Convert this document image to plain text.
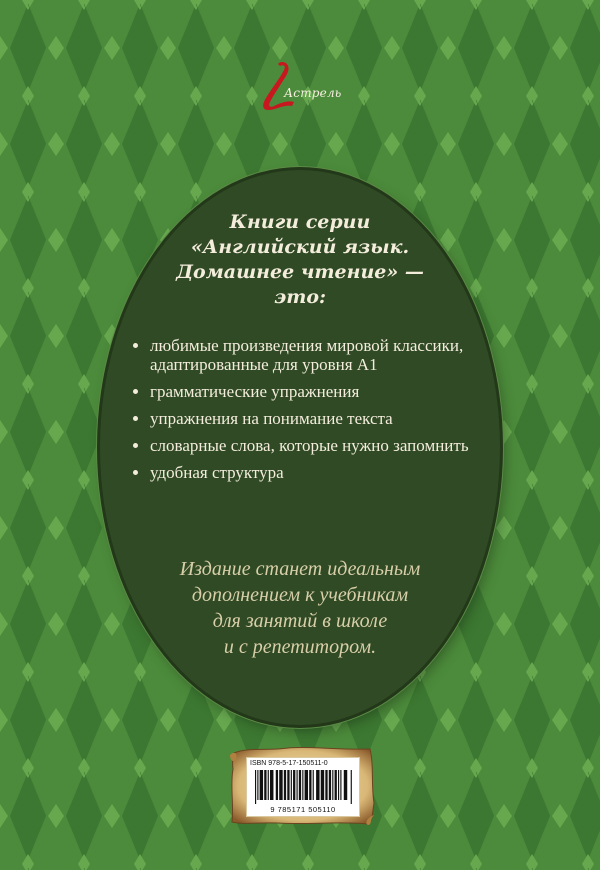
Астрель
Книги серии
«Английский язык.
Домашнее чтение» —
это:
любимые произведения мировой классики, адаптированные для уровня A1
грамматические упражнения
упражнения на понимание текста
словарные слова, которые нужно запомнить
удобная структура
Издание станет идеальным
дополнением к учебникам
для занятий в школе
и с репетитором.
ISBN 978-5-17-150511-0
9 785171 505110
